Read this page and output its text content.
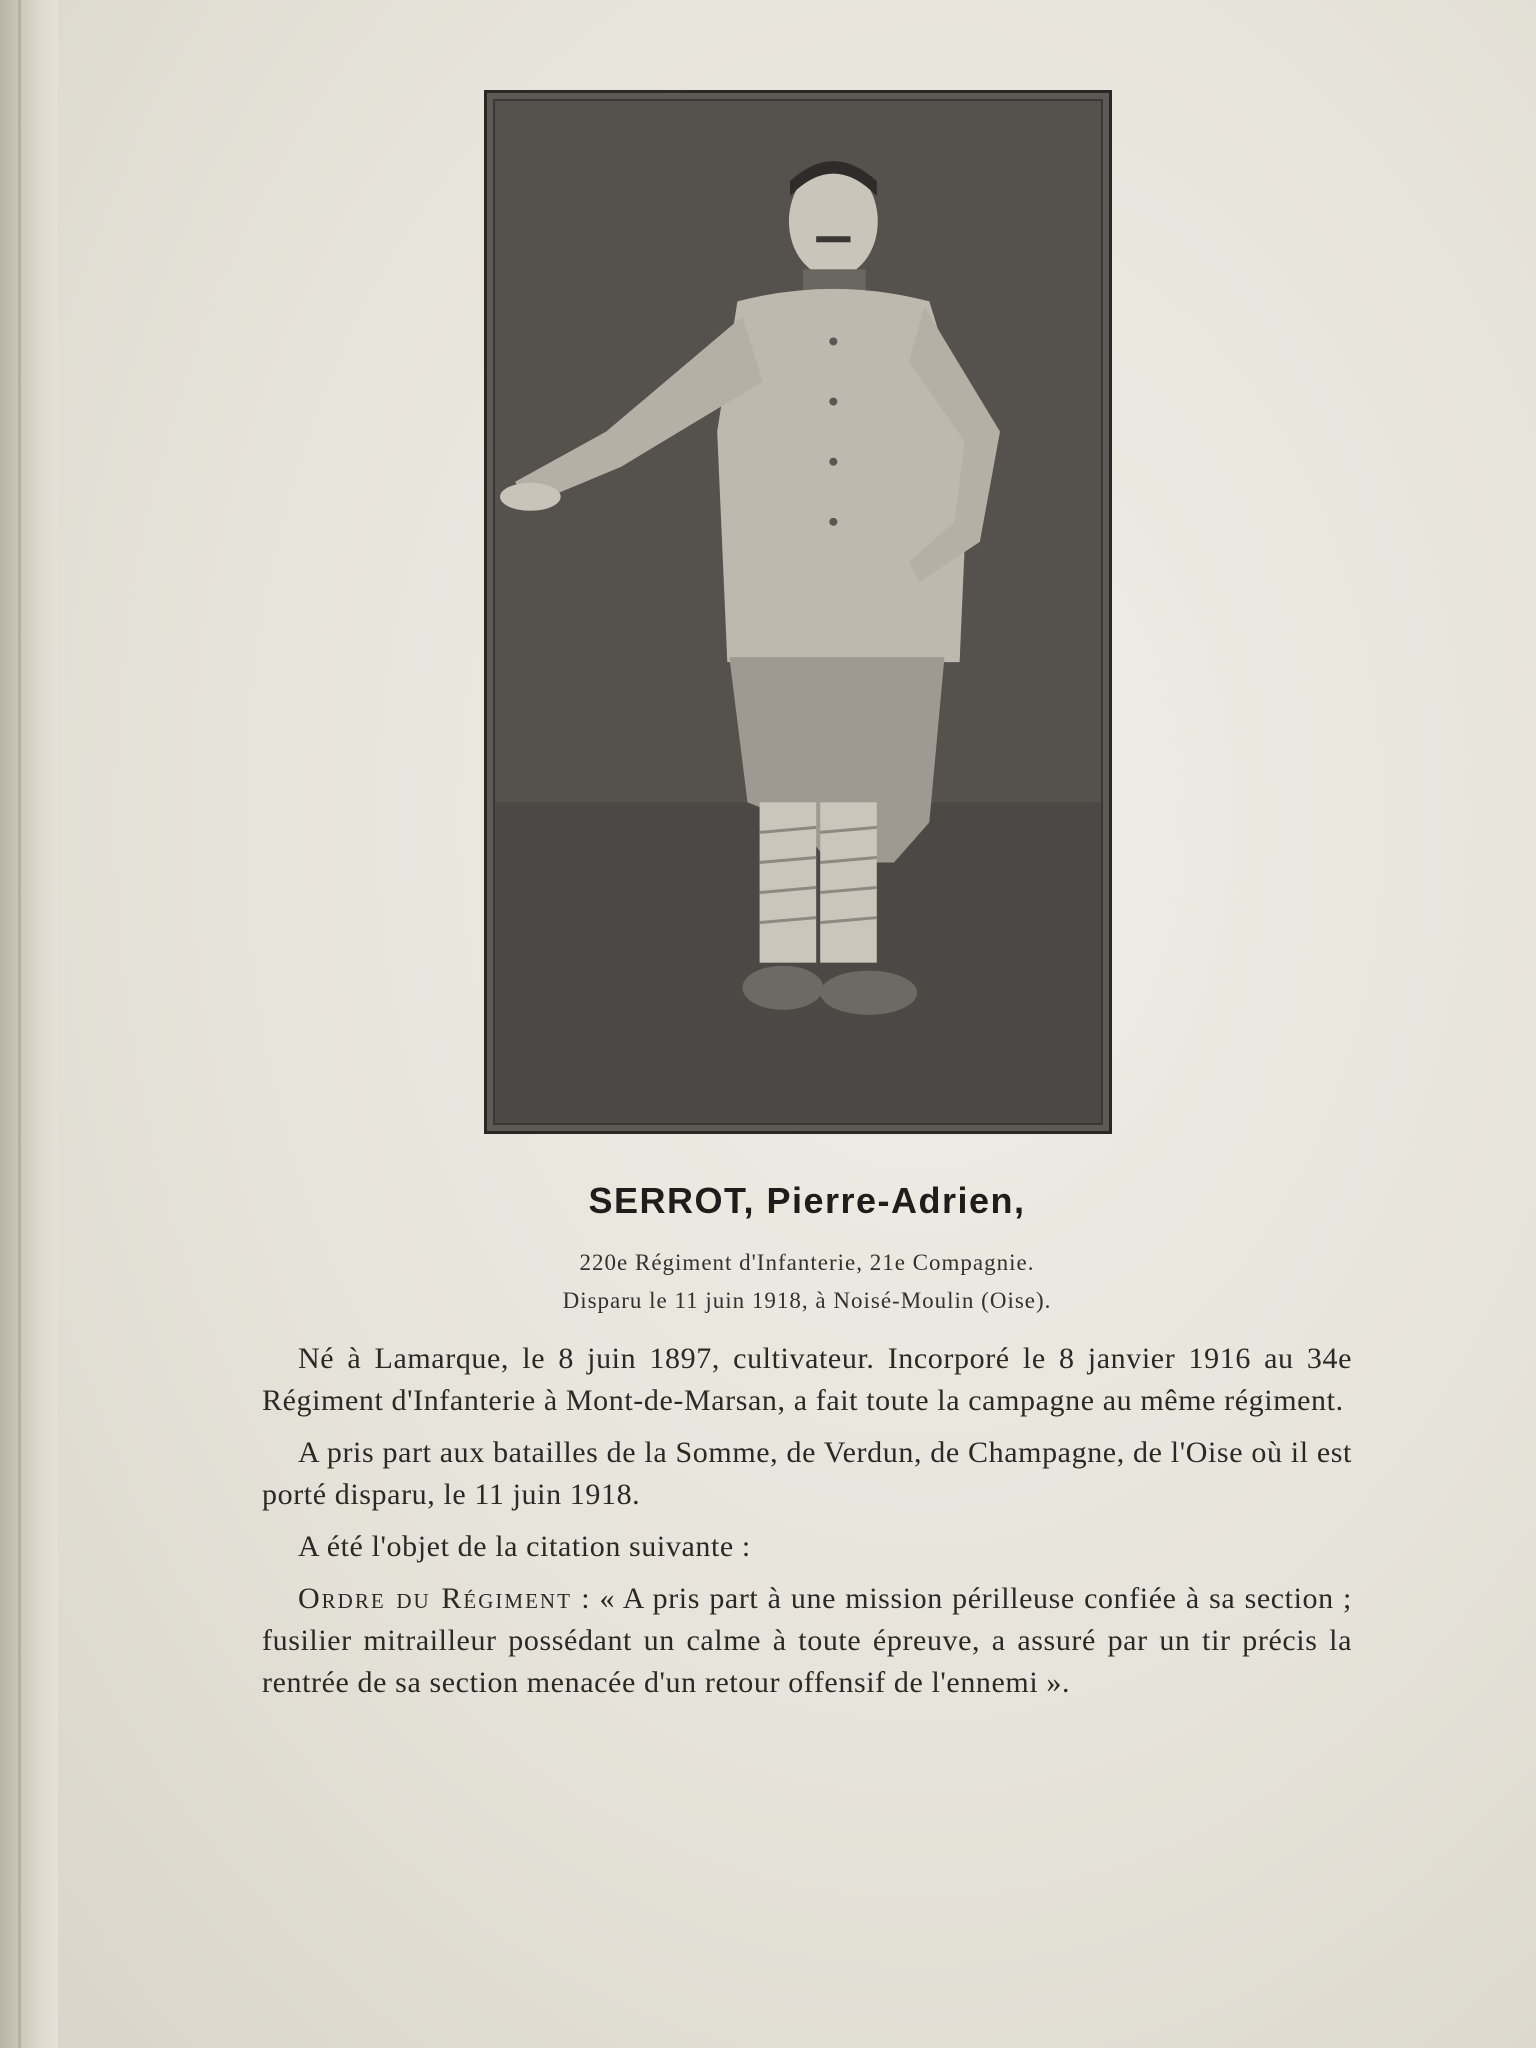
SERROT, Pierre-Adrien,
220e Régiment d'Infanterie, 21e Compagnie.
Disparu le 11 juin 1918, à Noisé-Moulin (Oise).

Né à Lamarque, le 8 juin 1897, cultivateur. Incorporé le 8 janvier 1916 au 34e Régiment d'Infanterie à Mont-de-Marsan, a fait toute la campagne au même régiment.

A pris part aux batailles de la Somme, de Verdun, de Champagne, de l'Oise où il est porté disparu, le 11 juin 1918.

A été l'objet de la citation suivante :

Ordre du Régiment : « A pris part à une mission périlleuse confiée à sa section ; fusilier mitrailleur possédant un calme à toute épreuve, a assuré par un tir précis la rentrée de sa section menacée d'un retour offensif de l'ennemi ».
